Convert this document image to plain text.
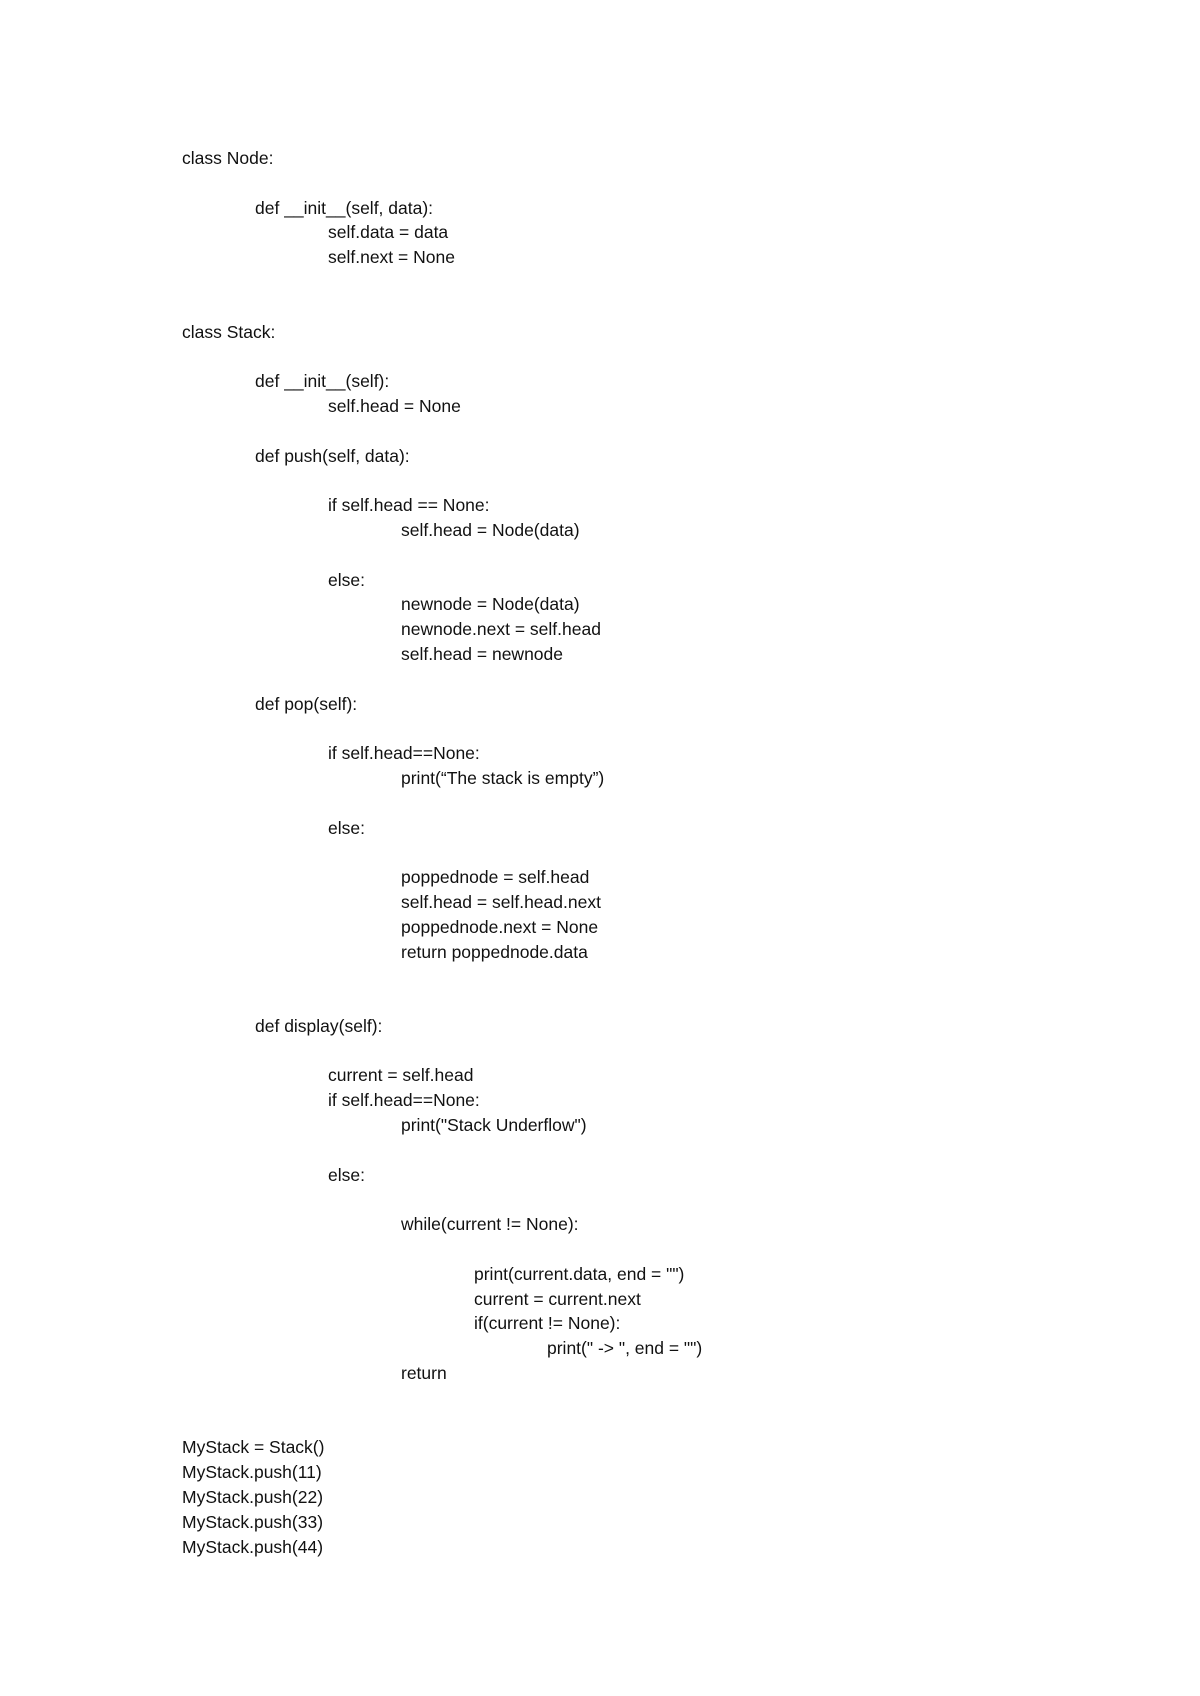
class Node:
def __init__(self, data):
self.data = data
self.next = None
class Stack:
def __init__(self):
self.head = None
def push(self, data):
if self.head == None:
self.head = Node(data)
else:
newnode = Node(data)
newnode.next = self.head
self.head = newnode
def pop(self):
if self.head==None:
print(“The stack is empty”)
else:
poppednode = self.head
self.head = self.head.next
poppednode.next = None
return poppednode.data
def display(self):
current = self.head
if self.head==None:
print("Stack Underflow")
else:
while(current != None):
print(current.data, end = "")
current = current.next
if(current != None):
print(" -> ", end = "")
return
MyStack = Stack()
MyStack.push(11)
MyStack.push(22)
MyStack.push(33)
MyStack.push(44)
